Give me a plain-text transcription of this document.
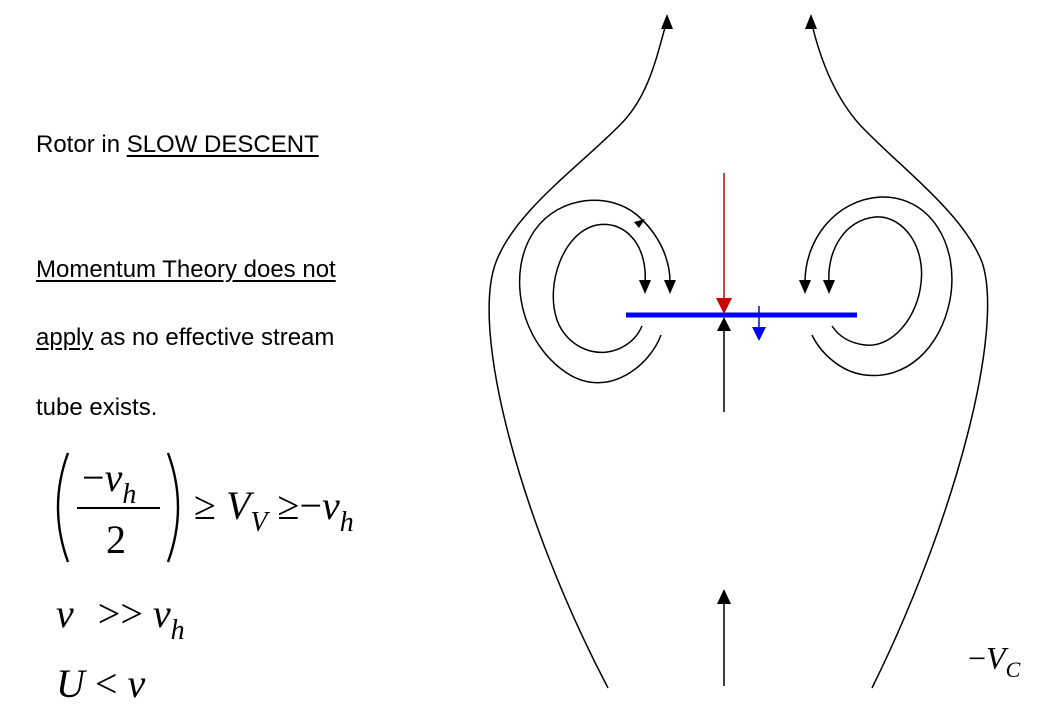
Rotor in SLOW DESCENT
Momentum Theory does not
apply as no effective stream
tube exists.
$-v_h$
2
≥ $V_V \ge-v_h$
$v >> v_h$
U < v
$-V_C$
